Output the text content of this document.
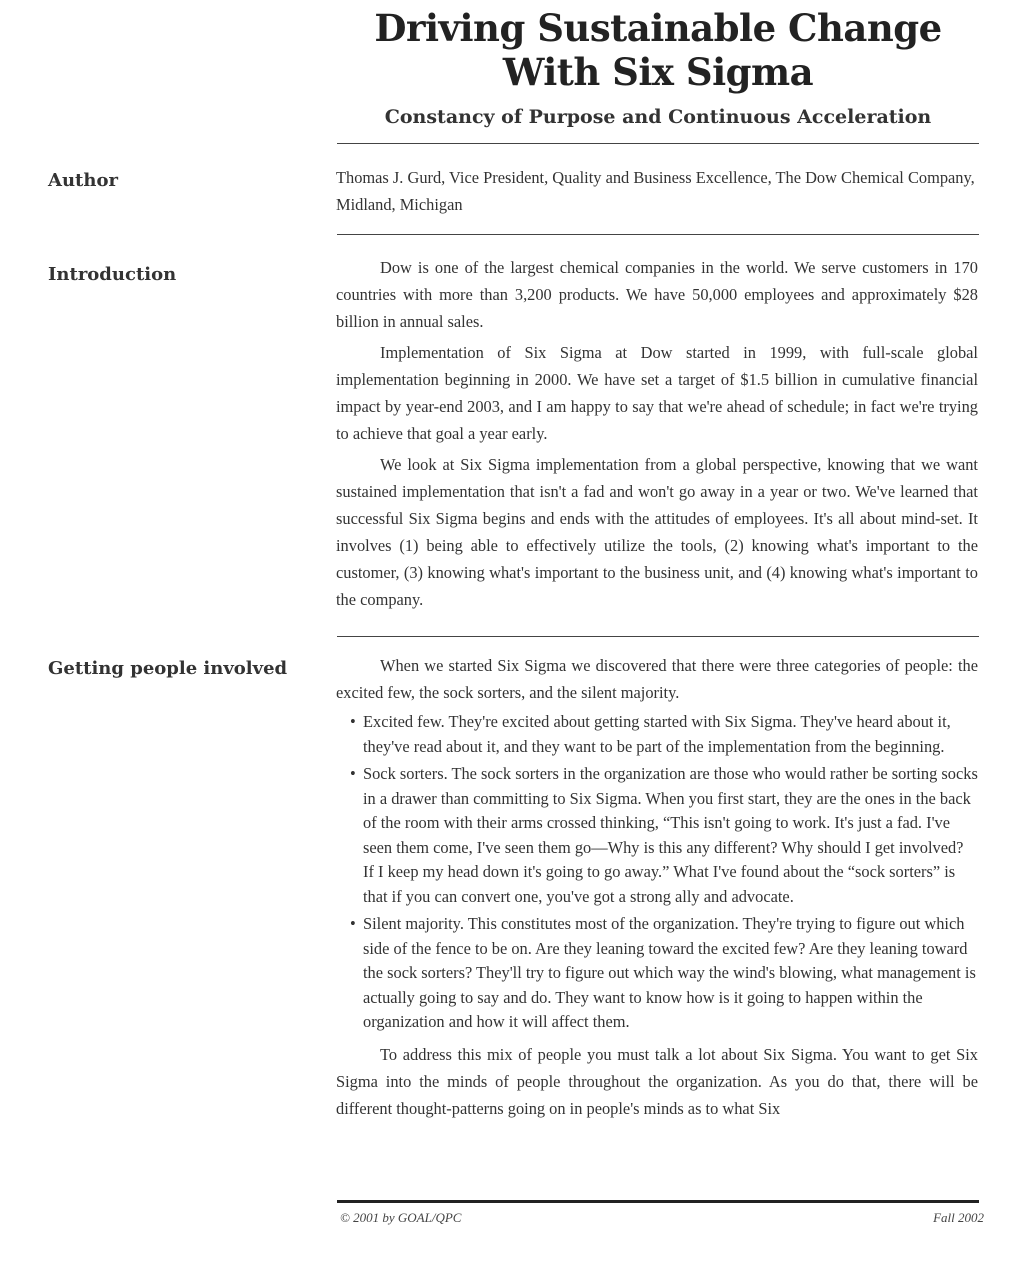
Driving Sustainable Change
With Six Sigma
Constancy of Purpose and Continuous Acceleration
Author	Thomas J. Gurd, Vice President, Quality and Business Excellence, The Dow Chemical Company, Midland, Michigan
Introduction	Dow is one of the largest chemical companies in the world. We serve customers in 170 countries with more than 3,200 products. We have 50,000 employees and approximately $28 billion in annual sales.

Implementation of Six Sigma at Dow started in 1999, with full-scale global implementation beginning in 2000. We have set a target of $1.5 billion in cumulative financial impact by year-end 2003, and I am happy to say that we're ahead of schedule; in fact we're trying to achieve that goal a year early.

We look at Six Sigma implementation from a global perspective, knowing that we want sustained implementation that isn't a fad and won't go away in a year or two. We've learned that successful Six Sigma begins and ends with the attitudes of employees. It's all about mind-set. It involves (1) being able to effectively utilize the tools, (2) knowing what's important to the customer, (3) knowing what's important to the business unit, and (4) knowing what's important to the company.

Getting people involved	When we started Six Sigma we discovered that there were three categories of people: the excited few, the sock sorters, and the silent majority.

• Excited few. They're excited about getting started with Six Sigma. They've heard about it, they've read about it, and they want to be part of the implementation from the beginning.
• Sock sorters. The sock sorters in the organization are those who would rather be sorting socks in a drawer than committing to Six Sigma. When you first start, they are the ones in the back of the room with their arms crossed thinking, “This isn't going to work. It's just a fad. I've seen them come, I've seen them go—Why is this any different? Why should I get involved? If I keep my head down it's going to go away.” What I've found about the “sock sorters” is that if you can convert one, you've got a strong ally and advocate.
• Silent majority. This constitutes most of the organization. They're trying to figure out which side of the fence to be on. Are they leaning toward the excited few? Are they leaning toward the sock sorters? They'll try to figure out which way the wind's blowing, what management is actually going to say and do. They want to know how is it going to happen within the organization and how it will affect them.

To address this mix of people you must talk a lot about Six Sigma. You want to get Six Sigma into the minds of people throughout the organization. As you do that, there will be different thought-patterns going on in people's minds as to what Six

© 2001 by GOAL/QPC	Fall 2002
